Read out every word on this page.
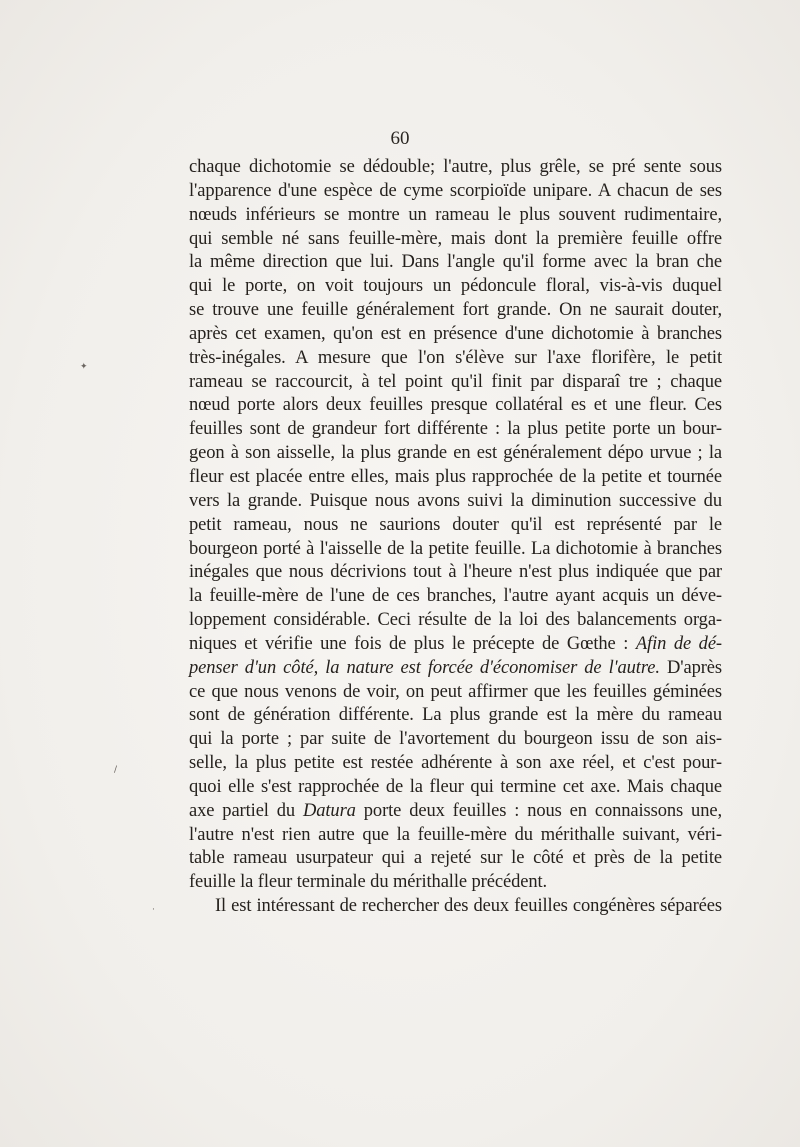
60
chaque dichotomie se dédouble; l'autre, plus grêle, se pré sente sous
l'apparence d'une espèce de cyme scorpioïde unipare. A chacun de ses
nœuds inférieurs se montre un rameau le plus souvent rudimentaire,
qui semble né sans feuille-mère, mais dont la première feuille offre
la même direction que lui. Dans l'angle qu'il forme avec la bran che
qui le porte, on voit toujours un pédoncule floral, vis-à-vis duquel
se trouve une feuille généralement fort grande. On ne saurait douter,
après cet examen, qu'on est en présence d'une dichotomie à branches
très-inégales. A mesure que l'on s'élève sur l'axe florifère, le petit
rameau se raccourcit, à tel point qu'il finit par disparaî tre ; chaque
nœud porte alors deux feuilles presque collatéral es et une fleur. Ces
feuilles sont de grandeur fort différente : la plus petite porte un bour-
geon à son aisselle, la plus grande en est généralement dépo urvue ; la
fleur est placée entre elles, mais plus rapprochée de la petite et tournée
vers la grande. Puisque nous avons suivi la diminution successive du
petit rameau, nous ne saurions douter qu'il est représenté par le
bourgeon porté à l'aisselle de la petite feuille. La dichotomie à branches
inégales que nous décrivions tout à l'heure n'est plus indiquée que par
la feuille-mère de l'une de ces branches, l'autre ayant acquis un déve-
loppement considérable. Ceci résulte de la loi des balancements orga-
niques et vérifie une fois de plus le précepte de Gœthe : Afin de dé-
penser d'un côté, la nature est forcée d'économiser de l'autre. D'après
ce que nous venons de voir, on peut affirmer que les feuilles géminées
sont de génération différente. La plus grande est la mère du rameau
qui la porte ; par suite de l'avortement du bourgeon issu de son ais-
selle, la plus petite est restée adhérente à son axe réel, et c'est pour-
quoi elle s'est rapprochée de la fleur qui termine cet axe. Mais chaque
axe partiel du Datura porte deux feuilles : nous en connaissons une,
l'autre n'est rien autre que la feuille-mère du mérithalle suivant, véri-
table rameau usurpateur qui a rejeté sur le côté et près de la petite
feuille la fleur terminale du mérithalle précédent.
Il est intéressant de rechercher des deux feuilles congénères séparées
✦
/
·
